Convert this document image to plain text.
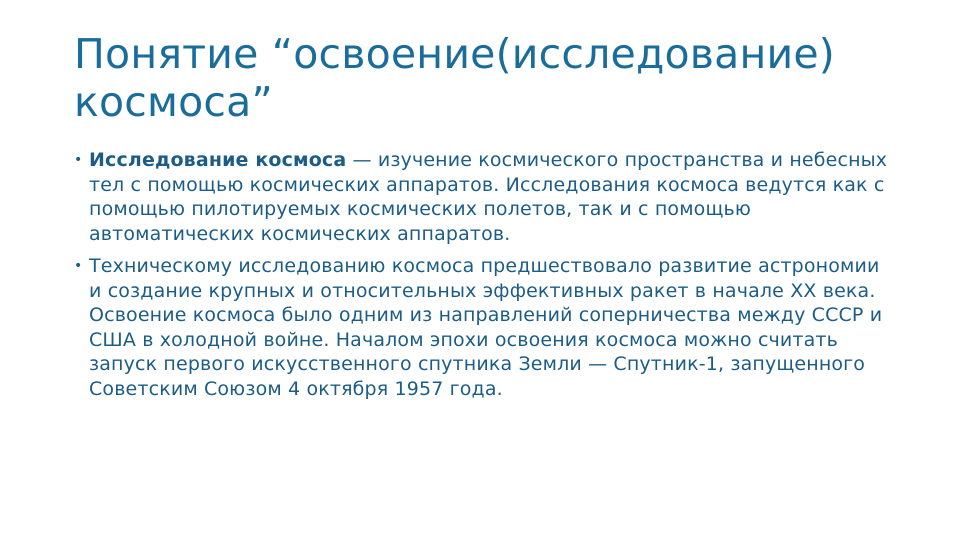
Понятие “освоение(исследование)
космоса”
• Исследование космоса — изучение космического пространства и небесных тел с помощью космических аппаратов. Исследования космоса ведутся как с помощью пилотируемых космических полетов, так и с помощью автоматических космических аппаратов.
• Техническому исследованию космоса предшествовало развитие астрономии и создание крупных и относительных эффективных ракет в начале XX века. Освоение космоса было одним из направлений соперничества между СССР и США в холодной войне. Началом эпохи освоения космоса можно считать запуск первого искусственного спутника Земли — Спутник-1, запущенного Советским Союзом 4 октября 1957 года.
